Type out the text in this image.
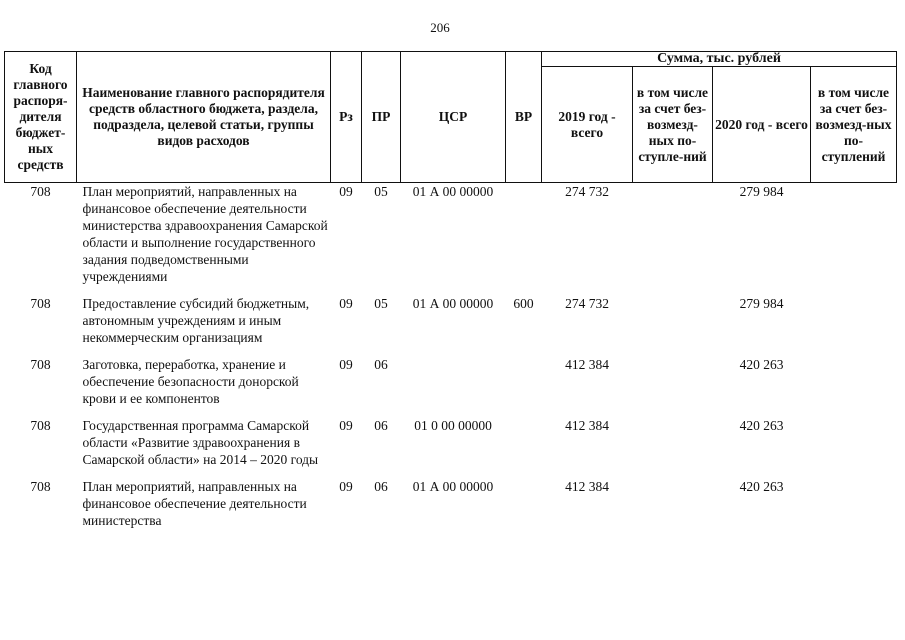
206
Код главного распоря-дителя бюджет-ных средств	Наименование главного распорядителя средств областного бюджета, раздела, подраздела, целевой статьи, группы видов расходов	Рз	ПР	ЦСР	ВР	Сумма, тыс. рублей			
						2019 год - всего	в том числе за счет без-возмезд-ных по-ступле-ний	2020 год - всего	в том числе за счет без-возмезд-ных по-ступлений
708	План мероприятий, направленных на финансовое обеспечение деятельности министерства здравоохранения Самарской области и выполнение государственного задания подведомственными учреждениями	09	05	01 А 00 00000		274 732		279 984	
708	Предоставление субсидий бюджетным, автономным учреждениям и иным некоммерческим организациям	09	05	01 А 00 00000	600	274 732		279 984	
708	Заготовка, переработка, хранение и обеспечение безопасности донорской крови и ее компонентов	09	06			412 384		420 263	
708	Государственная программа Самарской области «Развитие здравоохранения в Самарской области» на 2014 – 2020 годы	09	06	01 0 00 00000		412 384		420 263	
708	План мероприятий, направленных на финансовое обеспечение деятельности министерства	09	06	01 А 00 00000		412 384		420 263	
